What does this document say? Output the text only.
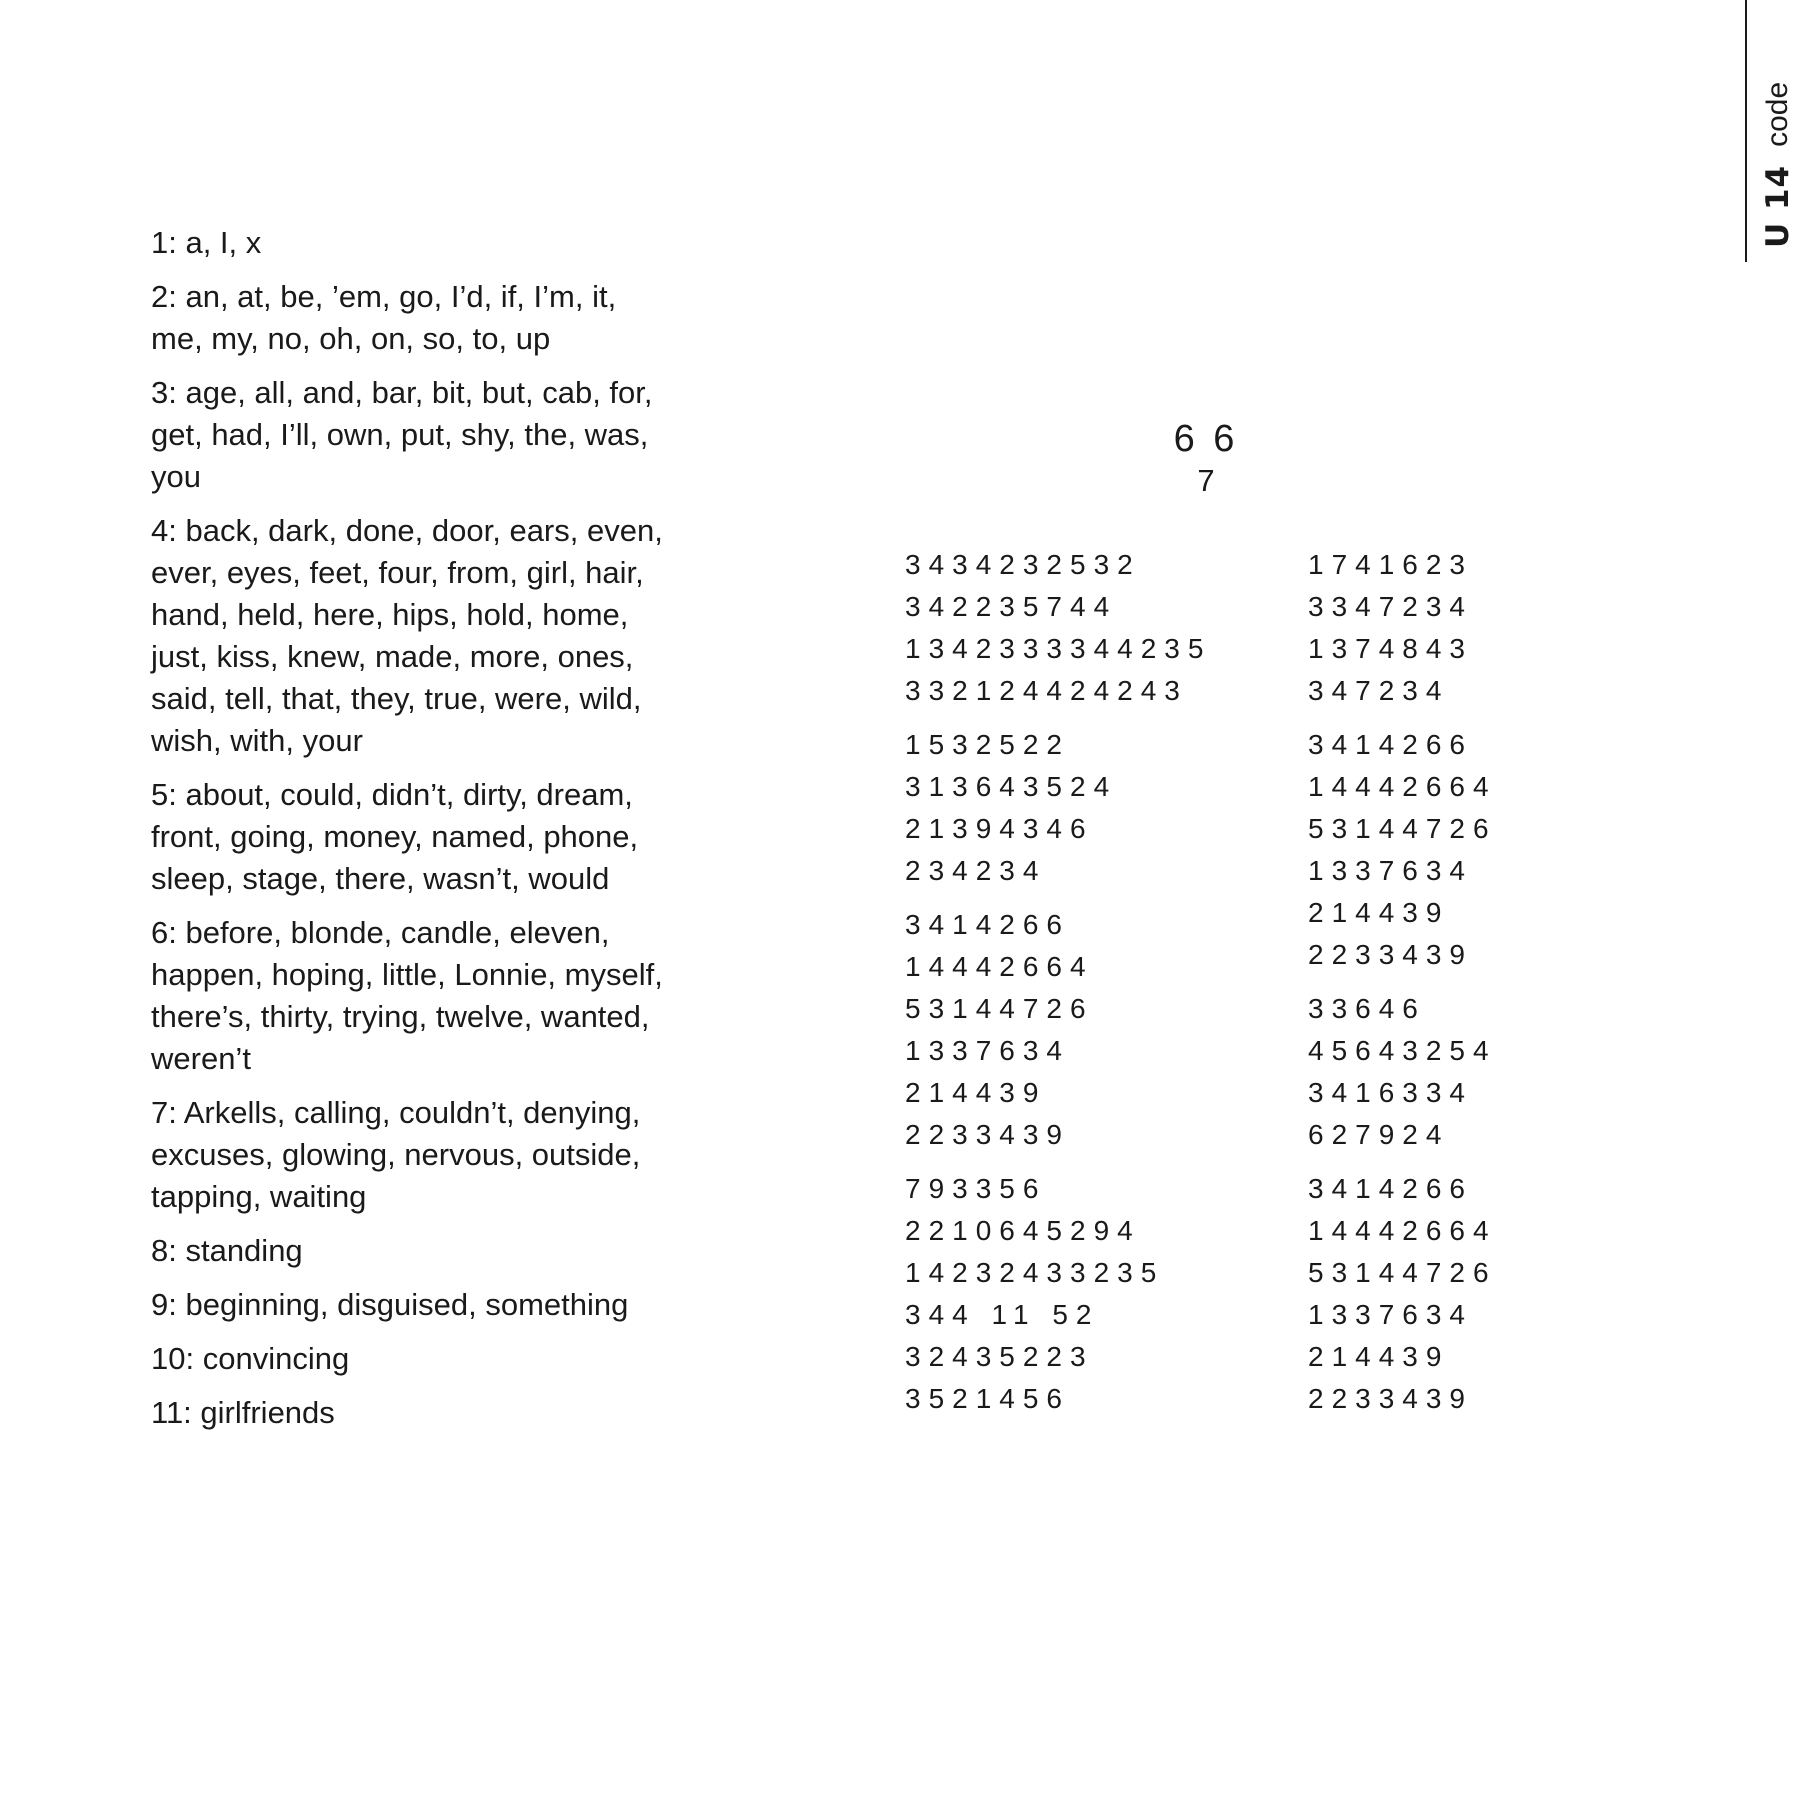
U 14
code

1: a, I, x

2: an, at, be, ’em, go, I’d, if, I’m, it, me, my, no, oh, on, so, to, up

3: age, all, and, bar, bit, but, cab, for, get, had, I’ll, own, put, shy, the, was, you

4: back, dark, done, door, ears, even, ever, eyes, feet, four, from, girl, hair, hand, held, here, hips, hold, home, just, kiss, knew, made, more, ones, said, tell, that, they, true, were, wild, wish, with, your

5: about, could, didn’t, dirty, dream, front, going, money, named, phone, sleep, stage, there, wasn’t, would

6: before, blonde, candle, eleven, happen, hoping, little, Lonnie, myself, there’s, thirty, trying, twelve, wanted, weren’t

7: Arkells, calling, couldn’t, denying, excuses, glowing, nervous, outside, tapping, waiting

8: standing

9: beginning, disguised, something

10: convincing

11: girlfriends

6 6
7
3434232532
342235744
1342333344235
332124424243
1532522
313643524
21394346
234234
3414266
14442664
53144726
1337634
214439
2233439
793356
2210645294
14232433235
344 11 52
32435223
3521456
1741623
3347234
1374843
347234
3414266
14442664
53144726
1337634
214439
2233439
33646
45643254
3416334
627924
3414266
14442664
53144726
1337634
214439
2233439
